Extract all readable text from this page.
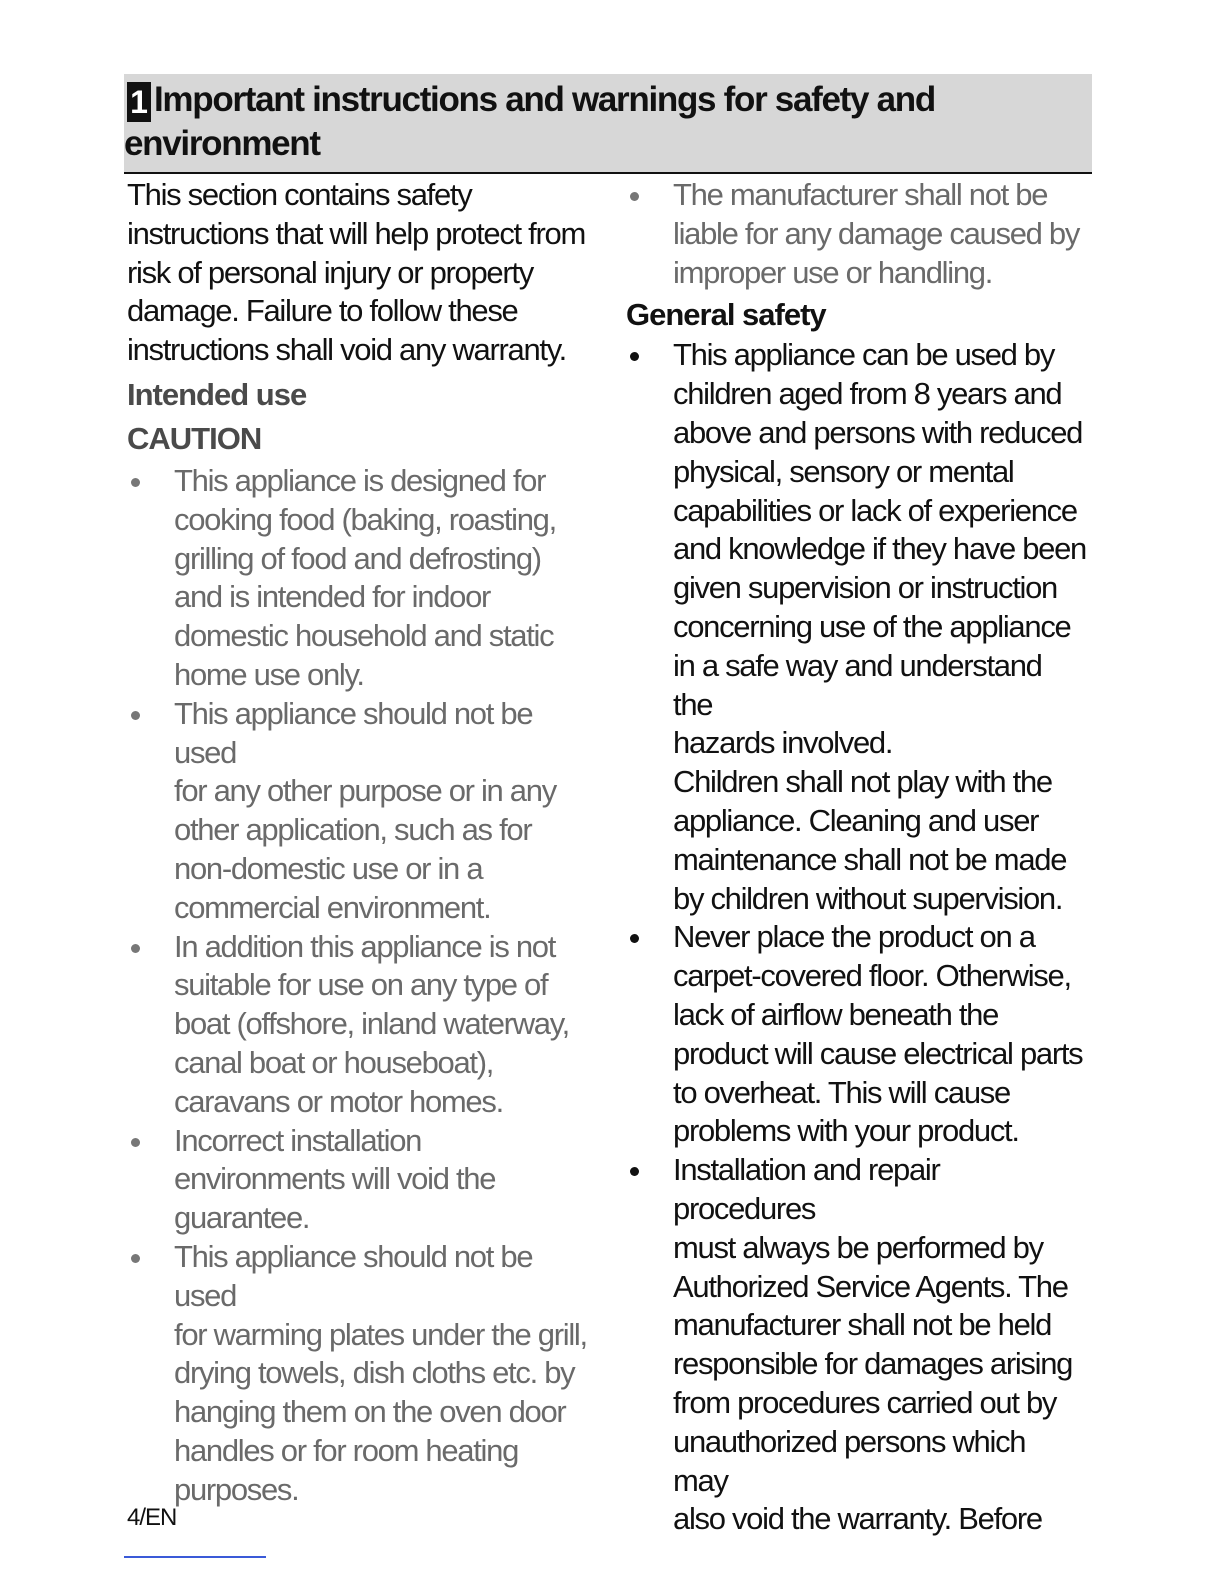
1 Important instructions and warnings for safety and
environment

This section contains safety
instructions that will help protect from
risk of personal injury or property
damage. Failure to follow these
instructions shall void any warranty.

Intended use

CAUTION

This appliance is designed for
cooking food (baking, roasting,
grilling of food and defrosting)
and is intended for indoor
domestic household and static
home use only.
This appliance should not be used
for any other purpose or in any
other application, such as for
non-domestic use or in a
commercial environment.
In addition this appliance is not
suitable for use on any type of
boat (offshore, inland waterway,
canal boat or houseboat),
caravans or motor homes.
Incorrect installation
environments will void the
guarantee.
This appliance should not be used
for warming plates under the grill,
drying towels, dish cloths etc. by
hanging them on the oven door
handles or for room heating
purposes.
The manufacturer shall not be
liable for any damage caused by
improper use or handling.

General safety

This appliance can be used by
children aged from 8 years and
above and persons with reduced
physical, sensory or mental
capabilities or lack of experience
and knowledge if they have been
given supervision or instruction
concerning use of the appliance
in a safe way and understand the
hazards involved.
Children shall not play with the
appliance. Cleaning and user
maintenance shall not be made
by children without supervision.
Never place the product on a
carpet-covered floor. Otherwise,
lack of airflow beneath the
product will cause electrical parts
to overheat. This will cause
problems with your product.
Installation and repair procedures
must always be performed by
Authorized Service Agents. The
manufacturer shall not be held
responsible for damages arising
from procedures carried out by
unauthorized persons which may
also void the warranty. Before
4/EN
